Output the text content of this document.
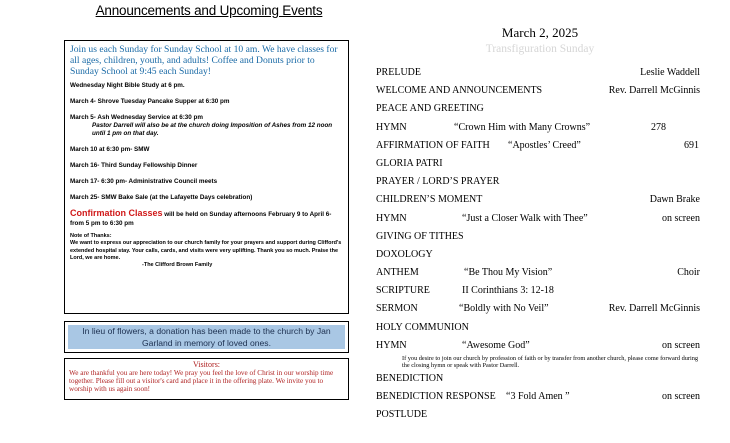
Announcements and Upcoming Events
Join us each Sunday for Sunday School at 10 am. We have classes for all ages, children, youth, and adults! Coffee and Donuts prior to Sunday School at 9:45 each Sunday!
Wednesday Night Bible Study at 6 pm.
March 4- Shrove Tuesday Pancake Supper at 6:30 pm
March 5- Ash Wednesday Service at 6:30 pm
Pastor Darrell will also be at the church doing Imposition of Ashes from 12 noon until 1 pm on that day.
March 10 at 6:30 pm- SMW
March 16- Third Sunday Fellowship Dinner
March 17- 6:30 pm- Administrative Council meets
March 25- SMW Bake Sale (at the Lafayette Days celebration)
Confirmation Classes will be held on Sunday afternoons February 9 to April 6- from 5 pm to 6:30 pm
Note of Thanks:
We want to express our appreciation to our church family for your prayers and support during Clifford's extended hospital stay. Your calls, cards, and visits were very uplifting. Thank you so much. Praise the Lord, we are home.
-The Clifford Brown Family
In lieu of flowers, a donation has been made to the church by Jan Garland in memory of loved ones.
Visitors:
We are thankful you are here today! We pray you feel the love of Christ in our worship time together. Please fill out a visitor's card and place it in the offering plate. We invite you to worship with us again soon!
March 2, 2025
Transfiguration Sunday
PRELUDE	Leslie Waddell
WELCOME AND ANNOUNCEMENTS	Rev. Darrell McGinnis
PEACE AND GREETING
HYMN	“Crown Him with Many Crowns”	278
AFFIRMATION OF FAITH “Apostles’ Creed”	691
GLORIA PATRI
PRAYER / LORD’S PRAYER
CHILDREN’S MOMENT	Dawn Brake
HYMN	“Just a Closer Walk with Thee”	on screen
GIVING OF TITHES
DOXOLOGY
ANTHEM	“Be Thou My Vision”	Choir
SCRIPTURE	II Corinthians 3: 12-18
SERMON	“Boldly with No Veil”	Rev. Darrell McGinnis
HOLY COMMUNION
HYMN	“Awesome God”	on screen
If you desire to join our church by profession of faith or by transfer from another church, please come forward during the closing hymn or speak with Pastor Darrell.
BENEDICTION
BENEDICTION RESPONSE “3 Fold Amen ”	on screen
POSTLUDE
